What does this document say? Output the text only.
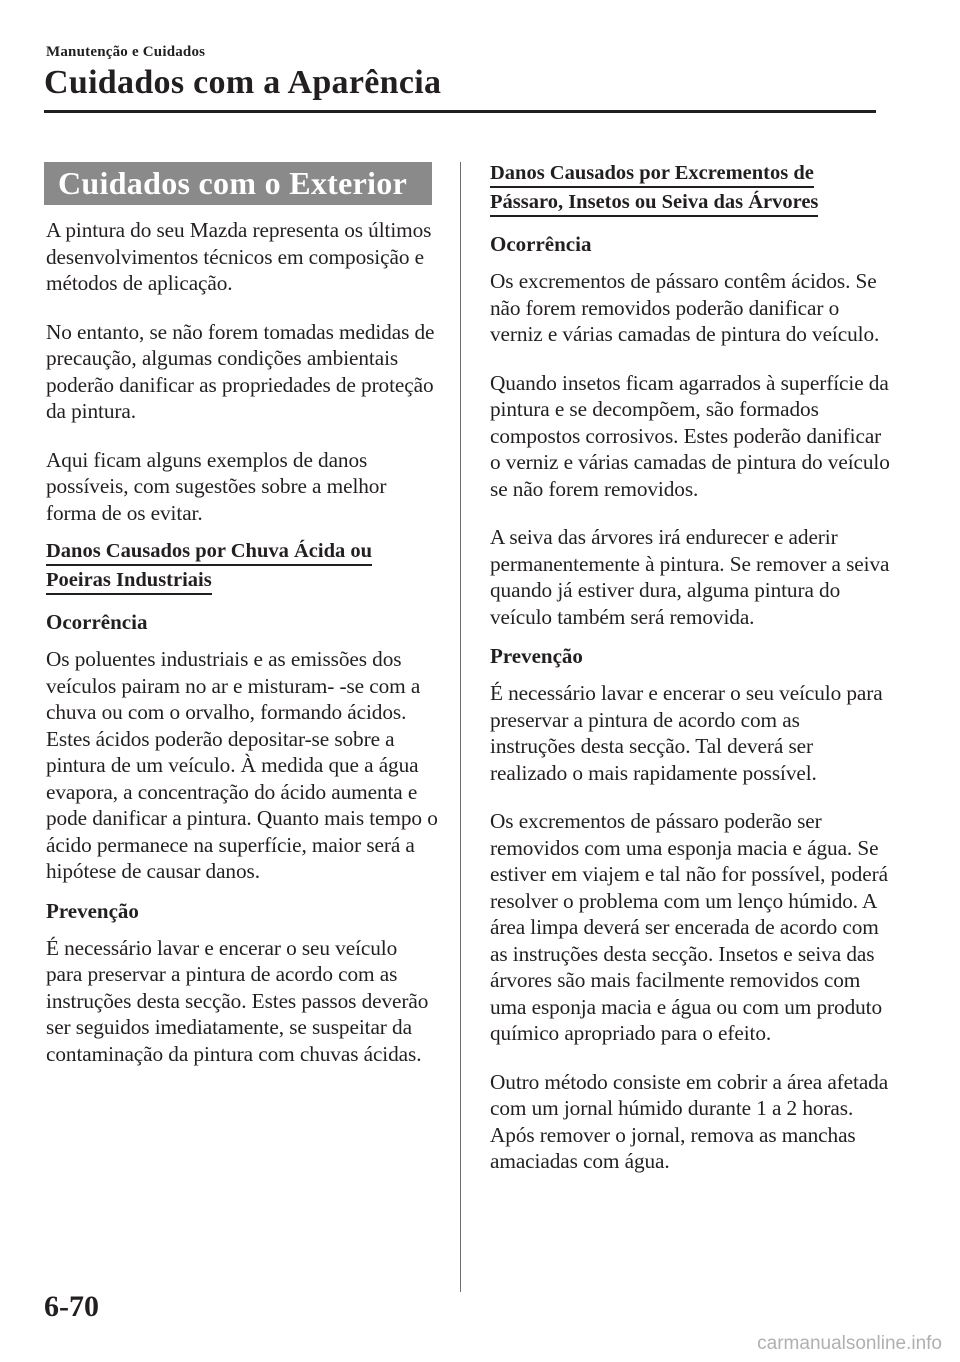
Manutenção e Cuidados
Cuidados com a Aparência
Cuidados com o Exterior

A pintura do seu Mazda representa os últimos desenvolvimentos técnicos em composição e métodos de aplicação.

No entanto, se não forem tomadas medidas de precaução, algumas condições ambientais poderão danificar as propriedades de proteção da pintura.

Aqui ficam alguns exemplos de danos possíveis, com sugestões sobre a melhor forma de os evitar.

Danos Causados por Chuva Ácida ou
Poeiras Industriais
Ocorrência

Os poluentes industriais e as emissões dos veículos pairam no ar e misturam- -se com a chuva ou com o orvalho, formando ácidos. Estes ácidos poderão depositar-se sobre a pintura de um veículo. À medida que a água evapora, a concentração do ácido aumenta e pode danificar a pintura. Quanto mais tempo o ácido permanece na superfície, maior será a hipótese de causar danos.

Prevenção

É necessário lavar e encerar o seu veículo para preservar a pintura de acordo com as instruções desta secção. Estes passos deverão ser seguidos imediatamente, se suspeitar da contaminação da pintura com chuvas ácidas.

Danos Causados por Excrementos de
Pássaro, Insetos ou Seiva das Árvores
Ocorrência

Os excrementos de pássaro contêm ácidos. Se não forem removidos poderão danificar o verniz e várias camadas de pintura do veículo.

Quando insetos ficam agarrados à superfície da pintura e se decompõem, são formados compostos corrosivos. Estes poderão danificar o verniz e várias camadas de pintura do veículo se não forem removidos.

A seiva das árvores irá endurecer e aderir permanentemente à pintura. Se remover a seiva quando já estiver dura, alguma pintura do veículo também será removida.

Prevenção

É necessário lavar e encerar o seu veículo para preservar a pintura de acordo com as instruções desta secção. Tal deverá ser realizado o mais rapidamente possível.

Os excrementos de pássaro poderão ser removidos com uma esponja macia e água. Se estiver em viajem e tal não for possível, poderá resolver o problema com um lenço húmido. A área limpa deverá ser encerada de acordo com as instruções desta secção. Insetos e seiva das árvores são mais facilmente removidos com uma esponja macia e água ou com um produto químico apropriado para o efeito.

Outro método consiste em cobrir a área afetada com um jornal húmido durante 1 a 2 horas. Após remover o jornal, remova as manchas amaciadas com água.

6-70
carmanualsonline.info
